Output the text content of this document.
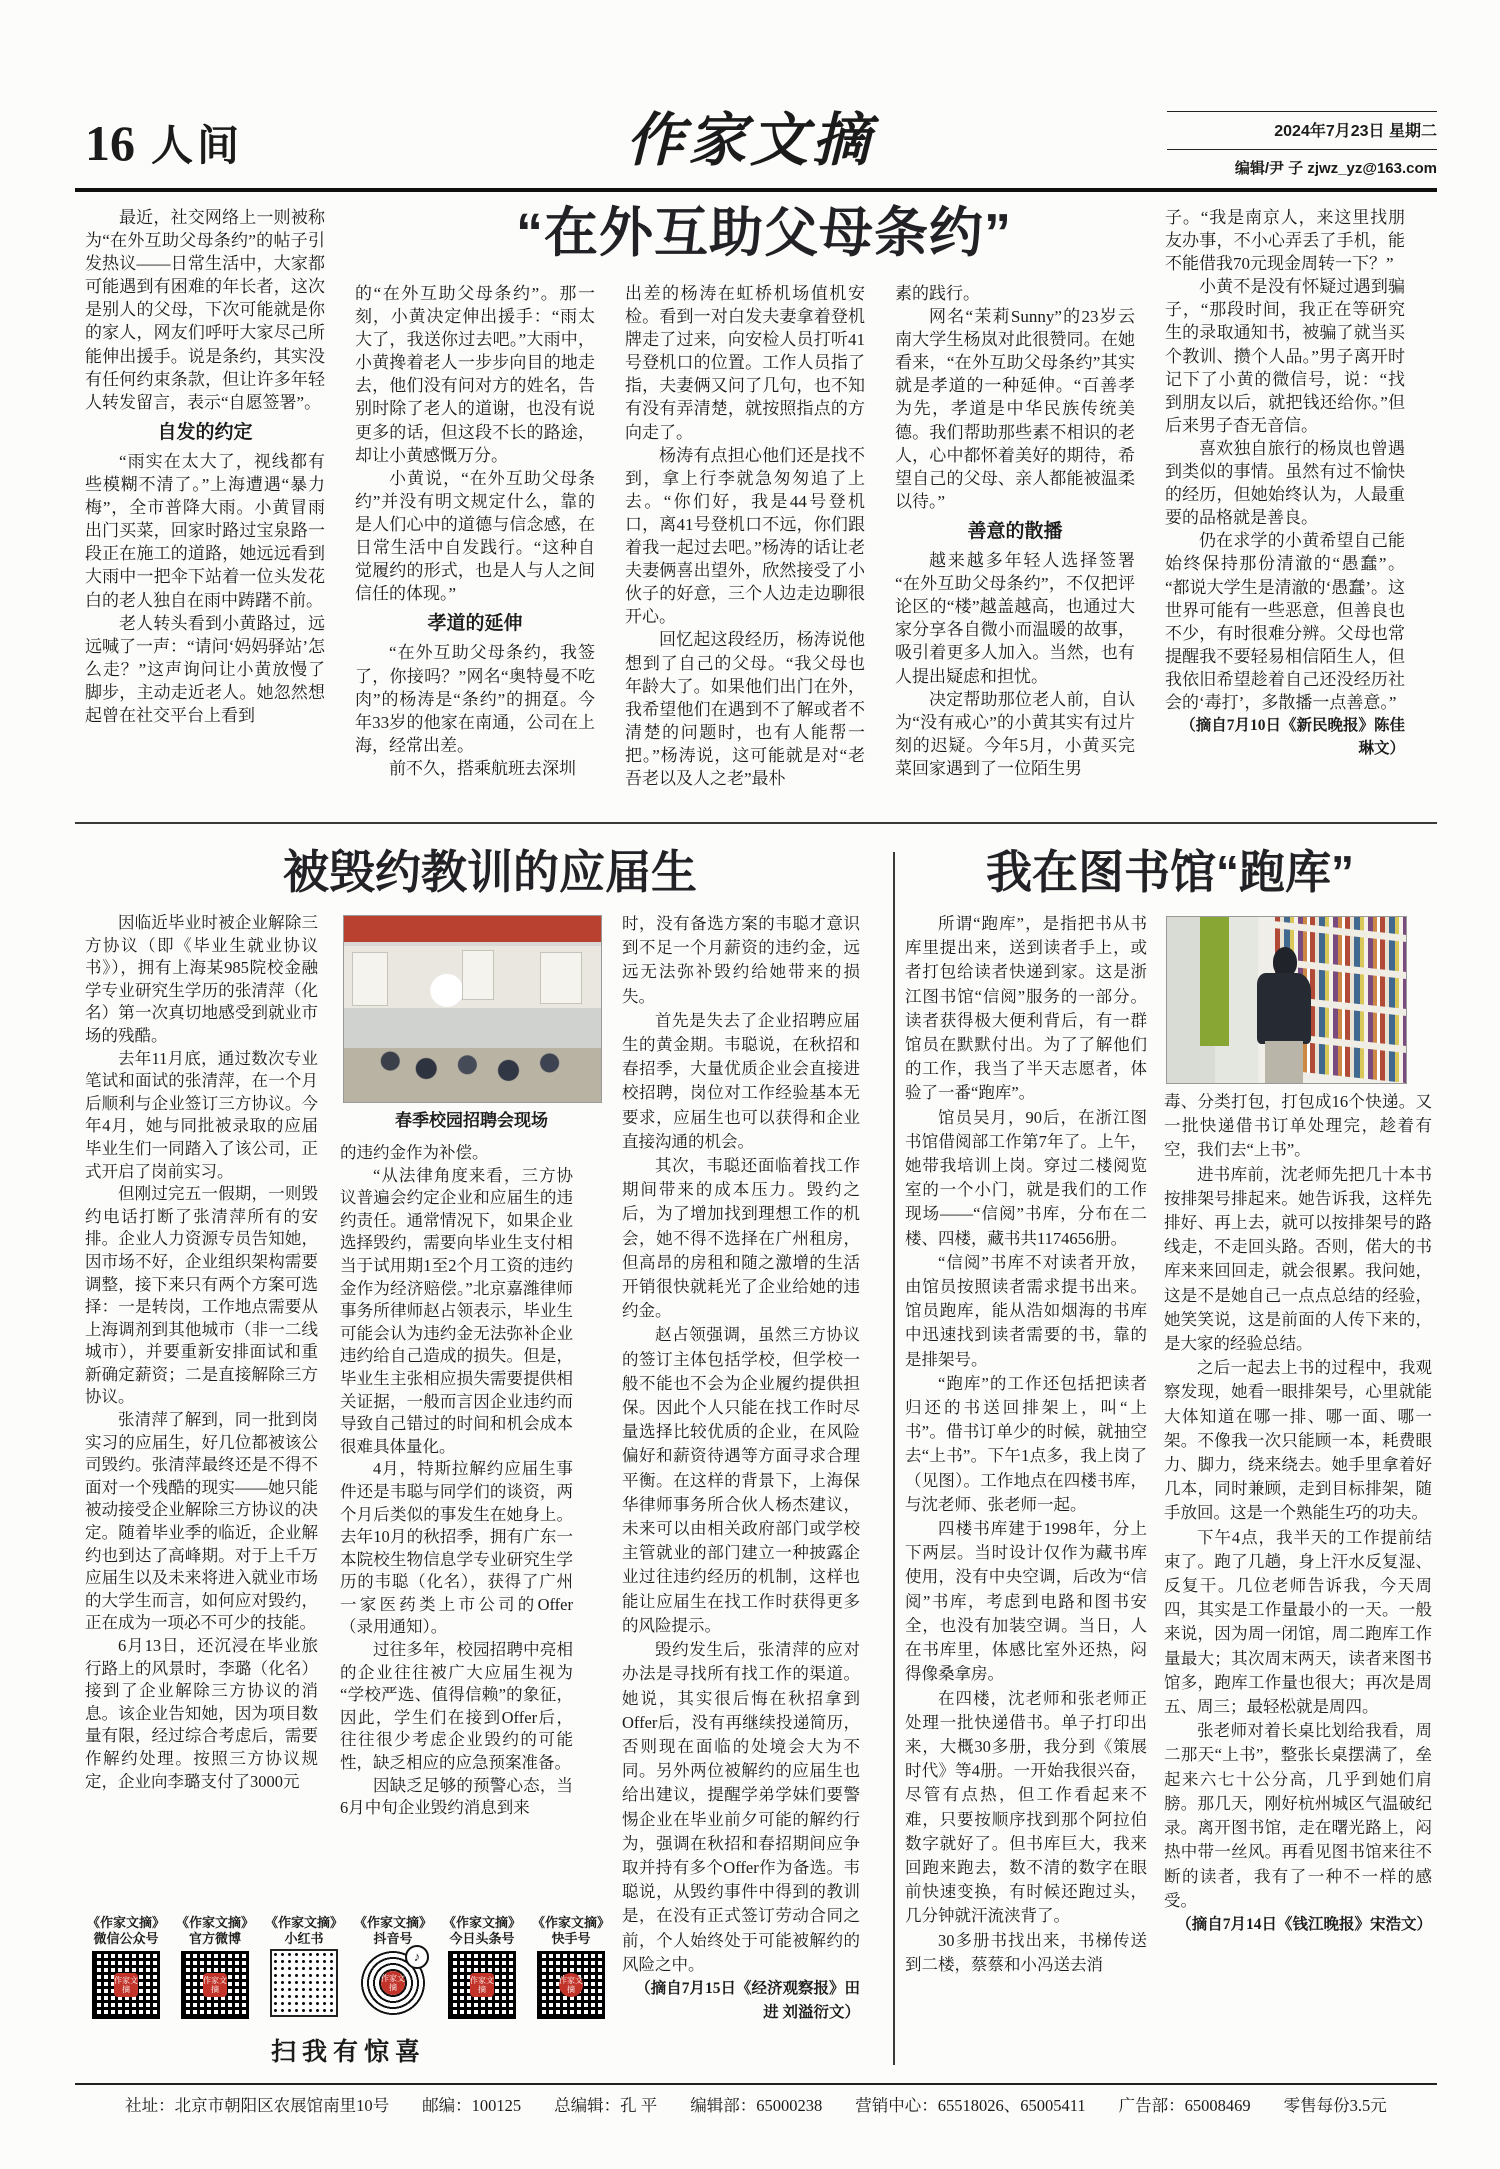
16 人间	作家文摘	2024年7月23日 星期二
编辑/尹 子 zjwz_yz@163.com
“在外互助父母条约”

最近，社交网络上一则被称为“在外互助父母条约”的帖子引发热议——日常生活中，大家都可能遇到有困难的年长者，这次是别人的父母，下次可能就是你的家人，网友们呼吁大家尽己所能伸出援手。说是条约，其实没有任何约束条款，但让许多年轻人转发留言，表示“自愿签署”。

自发的约定

“雨实在太大了，视线都有些模糊不清了。”上海遭遇“暴力梅”，全市普降大雨。小黄冒雨出门买菜，回家时路过宝泉路一段正在施工的道路，她远远看到大雨中一把伞下站着一位头发花白的老人独自在雨中踌躇不前。

老人转头看到小黄路过，远远喊了一声：“请问‘妈妈驿站’怎么走？”这声询问让小黄放慢了脚步，主动走近老人。她忽然想起曾在社交平台上看到

的“在外互助父母条约”。那一刻，小黄决定伸出援手：“雨太大了，我送你过去吧。”大雨中，小黄搀着老人一步步向目的地走去，他们没有问对方的姓名，告别时除了老人的道谢，也没有说更多的话，但这段不长的路途，却让小黄感慨万分。

小黄说，“在外互助父母条约”并没有明文规定什么，靠的是人们心中的道德与信念感，在日常生活中自发践行。“这种自觉履约的形式，也是人与人之间信任的体现。”

孝道的延伸

“在外互助父母条约，我签了，你接吗？”网名“奥特曼不吃肉”的杨涛是“条约”的拥趸。今年33岁的他家在南通，公司在上海，经常出差。

前不久，搭乘航班去深圳

出差的杨涛在虹桥机场值机安检。看到一对白发夫妻拿着登机牌走了过来，向安检人员打听41号登机口的位置。工作人员指了指，夫妻俩又问了几句，也不知有没有弄清楚，就按照指点的方向走了。

杨涛有点担心他们还是找不到，拿上行李就急匆匆追了上去。“你们好，我是44号登机口，离41号登机口不远，你们跟着我一起过去吧。”杨涛的话让老夫妻俩喜出望外，欣然接受了小伙子的好意，三个人边走边聊很开心。

回忆起这段经历，杨涛说他想到了自己的父母。“我父母也年龄大了。如果他们出门在外，我希望他们在遇到不了解或者不清楚的问题时，也有人能帮一把。”杨涛说，这可能就是对“老吾老以及人之老”最朴

素的践行。

网名“茉莉Sunny”的23岁云南大学生杨岚对此很赞同。在她看来，“在外互助父母条约”其实就是孝道的一种延伸。“百善孝为先，孝道是中华民族传统美德。我们帮助那些素不相识的老人，心中都怀着美好的期待，希望自己的父母、亲人都能被温柔以待。”

善意的散播

越来越多年轻人选择签署“在外互助父母条约”，不仅把评论区的“楼”越盖越高，也通过大家分享各自微小而温暖的故事，吸引着更多人加入。当然，也有人提出疑虑和担忧。

决定帮助那位老人前，自认为“没有戒心”的小黄其实有过片刻的迟疑。今年5月，小黄买完菜回家遇到了一位陌生男

子。“我是南京人，来这里找朋友办事，不小心弄丢了手机，能不能借我70元现金周转一下？”

小黄不是没有怀疑过遇到骗子，“那段时间，我正在等研究生的录取通知书，被骗了就当买个教训、攒个人品。”男子离开时记下了小黄的微信号，说：“找到朋友以后，就把钱还给你。”但后来男子杳无音信。

喜欢独自旅行的杨岚也曾遇到类似的事情。虽然有过不愉快的经历，但她始终认为，人最重要的品格就是善良。

仍在求学的小黄希望自己能始终保持那份清澈的“愚蠢”。“都说大学生是清澈的‘愚蠢’。这世界可能有一些恶意，但善良也不少，有时很难分辨。父母也常提醒我不要轻易相信陌生人，但我依旧希望趁着自己还没经历社会的‘毒打’，多散播一点善意。”

（摘自7月10日《新民晚报》陈佳琳文）

被毁约教训的应届生

因临近毕业时被企业解除三方协议（即《毕业生就业协议书》），拥有上海某985院校金融学专业研究生学历的张清萍（化名）第一次真切地感受到就业市场的残酷。

去年11月底，通过数次专业笔试和面试的张清萍，在一个月后顺利与企业签订三方协议。今年4月，她与同批被录取的应届毕业生们一同踏入了该公司，正式开启了岗前实习。

但刚过完五一假期，一则毁约电话打断了张清萍所有的安排。企业人力资源专员告知她，因市场不好，企业组织架构需要调整，接下来只有两个方案可选择：一是转岗，工作地点需要从上海调剂到其他城市（非一二线城市），并要重新安排面试和重新确定薪资；二是直接解除三方协议。

张清萍了解到，同一批到岗实习的应届生，好几位都被该公司毁约。张清萍最终还是不得不面对一个残酷的现实——她只能被动接受企业解除三方协议的决定。随着毕业季的临近，企业解约也到达了高峰期。对于上千万应届生以及未来将进入就业市场的大学生而言，如何应对毁约，正在成为一项必不可少的技能。

6月13日，还沉浸在毕业旅行路上的风景时，李璐（化名）接到了企业解除三方协议的消息。该企业告知她，因为项目数量有限，经过综合考虑后，需要作解约处理。按照三方协议规定，企业向李璐支付了3000元

春季校园招聘会现场

的违约金作为补偿。

“从法律角度来看，三方协议普遍会约定企业和应届生的违约责任。通常情况下，如果企业选择毁约，需要向毕业生支付相当于试用期1至2个月工资的违约金作为经济赔偿。”北京嘉潍律师事务所律师赵占领表示，毕业生可能会认为违约金无法弥补企业违约给自己造成的损失。但是，毕业生主张相应损失需要提供相关证据，一般而言因企业违约而导致自己错过的时间和机会成本很难具体量化。

4月，特斯拉解约应届生事件还是韦聪与同学们的谈资，两个月后类似的事发生在她身上。去年10月的秋招季，拥有广东一本院校生物信息学专业研究生学历的韦聪（化名），获得了广州一家医药类上市公司的Offer（录用通知）。

过往多年，校园招聘中亮相的企业往往被广大应届生视为“学校严选、值得信赖”的象征，因此，学生们在接到Offer后，往往很少考虑企业毁约的可能性，缺乏相应的应急预案准备。

因缺乏足够的预警心态，当6月中旬企业毁约消息到来

时，没有备选方案的韦聪才意识到不足一个月薪资的违约金，远远无法弥补毁约给她带来的损失。

首先是失去了企业招聘应届生的黄金期。韦聪说，在秋招和春招季，大量优质企业会直接进校招聘，岗位对工作经验基本无要求，应届生也可以获得和企业直接沟通的机会。

其次，韦聪还面临着找工作期间带来的成本压力。毁约之后，为了增加找到理想工作的机会，她不得不选择在广州租房，但高昂的房租和随之激增的生活开销很快就耗光了企业给她的违约金。

赵占领强调，虽然三方协议的签订主体包括学校，但学校一般不能也不会为企业履约提供担保。因此个人只能在找工作时尽量选择比较优质的企业，在风险偏好和薪资待遇等方面寻求合理平衡。在这样的背景下，上海保华律师事务所合伙人杨杰建议，未来可以由相关政府部门或学校主管就业的部门建立一种披露企业过往违约经历的机制，这样也能让应届生在找工作时获得更多的风险提示。

毁约发生后，张清萍的应对办法是寻找所有找工作的渠道。她说，其实很后悔在秋招拿到Offer后，没有再继续投递简历，否则现在面临的处境会大为不同。另外两位被解约的应届生也给出建议，提醒学弟学妹们要警惕企业在毕业前夕可能的解约行为，强调在秋招和春招期间应争取并持有多个Offer作为备选。韦聪说，从毁约事件中得到的教训是，在没有正式签订劳动合同之前，个人始终处于可能被解约的风险之中。

（摘自7月15日《经济观察报》田进 刘溢衍文）

我在图书馆“跑库”

所谓“跑库”，是指把书从书库里提出来，送到读者手上，或者打包给读者快递到家。这是浙江图书馆“信阅”服务的一部分。读者获得极大便利背后，有一群馆员在默默付出。为了了解他们的工作，我当了半天志愿者，体验了一番“跑库”。

馆员吴月，90后，在浙江图书馆借阅部工作第7年了。上午，她带我培训上岗。穿过二楼阅览室的一个小门，就是我们的工作现场——“信阅”书库，分布在二楼、四楼，藏书共1174656册。

“信阅”书库不对读者开放，由馆员按照读者需求提书出来。馆员跑库，能从浩如烟海的书库中迅速找到读者需要的书，靠的是排架号。

“跑库”的工作还包括把读者归还的书送回排架上，叫“上书”。借书订单少的时候，就抽空去“上书”。下午1点多，我上岗了（见图）。工作地点在四楼书库，与沈老师、张老师一起。

四楼书库建于1998年，分上下两层。当时设计仅作为藏书库使用，没有中央空调，后改为“信阅”书库，考虑到电路和图书安全，也没有加装空调。当日，人在书库里，体感比室外还热，闷得像桑拿房。

在四楼，沈老师和张老师正处理一批快递借书。单子打印出来，大概30多册，我分到《策展时代》等4册。一开始我很兴奋，尽管有点热，但工作看起来不难，只要按顺序找到那个阿拉伯数字就好了。但书库巨大，我来回跑来跑去，数不清的数字在眼前快速变换，有时候还跑过头，几分钟就汗流浃背了。

30多册书找出来，书梯传送到二楼，蔡蔡和小冯送去消

毒、分类打包，打包成16个快递。又一批快递借书订单处理完，趁着有空，我们去“上书”。

进书库前，沈老师先把几十本书按排架号排起来。她告诉我，这样先排好、再上去，就可以按排架号的路线走，不走回头路。否则，偌大的书库来来回回走，就会很累。我问她，这是不是她自己一点点总结的经验，她笑笑说，这是前面的人传下来的，是大家的经验总结。

之后一起去上书的过程中，我观察发现，她看一眼排架号，心里就能大体知道在哪一排、哪一面、哪一架。不像我一次只能顾一本，耗费眼力、脚力，绕来绕去。她手里拿着好几本，同时兼顾，走到目标排架，随手放回。这是一个熟能生巧的功夫。

下午4点，我半天的工作提前结束了。跑了几趟，身上汗水反复湿、反复干。几位老师告诉我，今天周四，其实是工作量最小的一天。一般来说，因为周一闭馆，周二跑库工作量最大；其次周末两天，读者来图书馆多，跑库工作量也很大；再次是周五、周三；最轻松就是周四。

张老师对着长桌比划给我看，周二那天“上书”，整张长桌摆满了，垒起来六七十公分高，几乎到她们肩膀。那几天，刚好杭州城区气温破纪录。离开图书馆，走在曙光路上，闷热中带一丝风。再看见图书馆来往不断的读者，我有了一种不一样的感受。

（摘自7月14日《钱江晚报》宋浩文）

《作家文摘》
微信公众号
作家文摘
《作家文摘》
官方微博
作家文摘
《作家文摘》
小红书
《作家文摘》
抖音号
♪
作家文摘
《作家文摘》
今日头条号
作家文摘
《作家文摘》
快手号
作家文摘
扫我有惊喜
社址：北京市朝阳区农展馆南里10号　　邮编：100125　　总编辑：孔 平　　编辑部：65000238　　营销中心：65518026、65005411　　广告部：65008469　　零售每份3.5元
